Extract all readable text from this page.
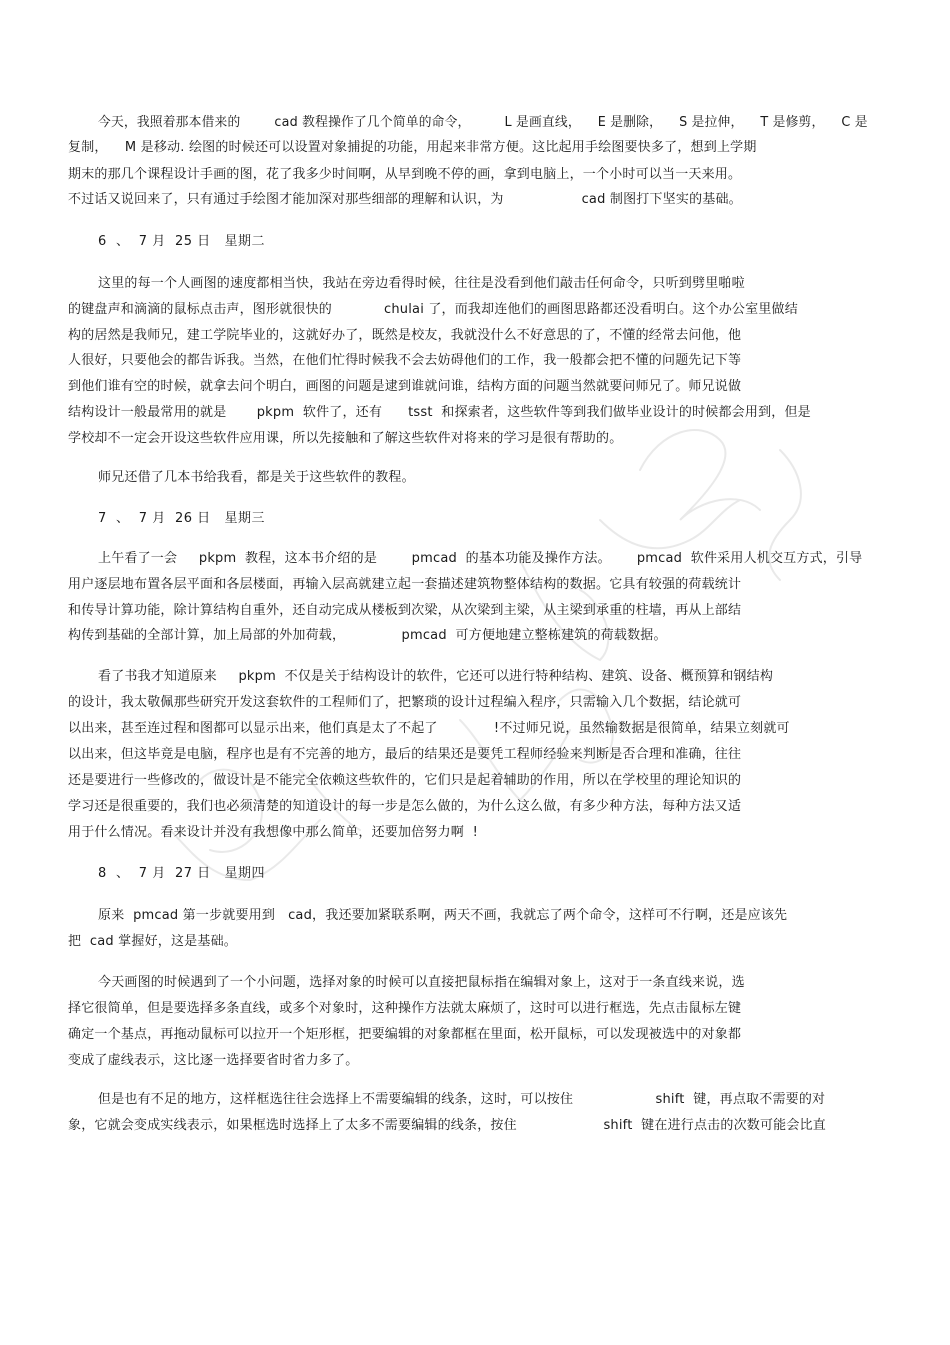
今天，我照着那本借来的        cad 教程操作了几个简单的命令，        L 是画直线，    E 是删除，    S 是拉伸，    T 是修剪，    C 是
复制，    M 是移动. 绘图的时候还可以设置对象捕捉的功能，用起来非常方便。这比起用手绘图要快多了，想到上学期
期末的那几个课程设计手画的图，花了我多少时间啊，从早到晚不停的画，拿到电脑上，一个小时可以当一天来用。
不过话又说回来了，只有通过手绘图才能加深对那些细部的理解和认识，为                  cad 制图打下坚实的基础。
6  、  7 月  25 日   星期二
这里的每一个人画图的速度都相当快，我站在旁边看得时候，往往是没看到他们敲击任何命令，只听到劈里啪啦
的键盘声和滴滴的鼠标点击声，图形就很快的            chulai 了，而我却连他们的画图思路都还没看明白。这个办公室里做结
构的居然是我师兄，建工学院毕业的，这就好办了，既然是校友，我就没什么不好意思的了，不懂的经常去问他，他
人很好，只要他会的都告诉我。当然，在他们忙得时候我不会去妨碍他们的工作，我一般都会把不懂的问题先记下等
到他们谁有空的时候，就拿去问个明白，画图的问题是逮到谁就问谁，结构方面的问题当然就要问师兄了。师兄说做
结构设计一般最常用的就是       pkpm  软件了，还有      tsst  和探索者，这些软件等到我们做毕业设计的时候都会用到，但是
学校却不一定会开设这些软件应用课，所以先接触和了解这些软件对将来的学习是很有帮助的。
师兄还借了几本书给我看，都是关于这些软件的教程。
7  、  7 月  26 日   星期三
上午看了一会     pkpm  教程，这本书介绍的是        pmcad  的基本功能及操作方法。      pmcad  软件采用人机交互方式，引导
用户逐层地布置各层平面和各层楼面，再输入层高就建立起一套描述建筑物整体结构的数据。它具有较强的荷载统计
和传导计算功能，除计算结构自重外，还自动完成从楼板到次梁，从次梁到主梁，从主梁到承重的柱墙，再从上部结
构传到基础的全部计算，加上局部的外加荷载，             pmcad  可方便地建立整栋建筑的荷载数据。
看了书我才知道原来     pkpm  不仅是关于结构设计的软件，它还可以进行特种结构、建筑、设备、概预算和钢结构
的设计，我太敬佩那些研究开发这套软件的工程师们了，把繁琐的设计过程编入程序，只需输入几个数据，结论就可
以出来，甚至连过程和图都可以显示出来，他们真是太了不起了             !不过师兄说，虽然输数据是很简单，结果立刻就可
以出来，但这毕竟是电脑，程序也是有不完善的地方，最后的结果还是要凭工程师经验来判断是否合理和准确，往往
还是要进行一些修改的，做设计是不能完全依赖这些软件的，它们只是起着辅助的作用，所以在学校里的理论知识的
学习还是很重要的，我们也必须清楚的知道设计的每一步是怎么做的，为什么这么做，有多少种方法，每种方法又适
用于什么情况。看来设计并没有我想像中那么简单，还要加倍努力啊  !
8  、  7 月  27 日   星期四
原来  pmcad 第一步就要用到   cad，我还要加紧联系啊，两天不画，我就忘了两个命令，这样可不行啊，还是应该先
把  cad 掌握好，这是基础。
今天画图的时候遇到了一个小问题，选择对象的时候可以直接把鼠标指在编辑对象上，这对于一条直线来说，选
择它很简单，但是要选择多条直线，或多个对象时，这种操作方法就太麻烦了，这时可以进行框选，先点击鼠标左键
确定一个基点，再拖动鼠标可以拉开一个矩形框，把要编辑的对象都框在里面，松开鼠标，可以发现被选中的对象都
变成了虚线表示，这比逐一选择要省时省力多了。
但是也有不足的地方，这样框选往往会选择上不需要编辑的线条，这时，可以按住                   shift  键，再点取不需要的对
象，它就会变成实线表示，如果框选时选择上了太多不需要编辑的线条，按住                    shift  键在进行点击的次数可能会比直
